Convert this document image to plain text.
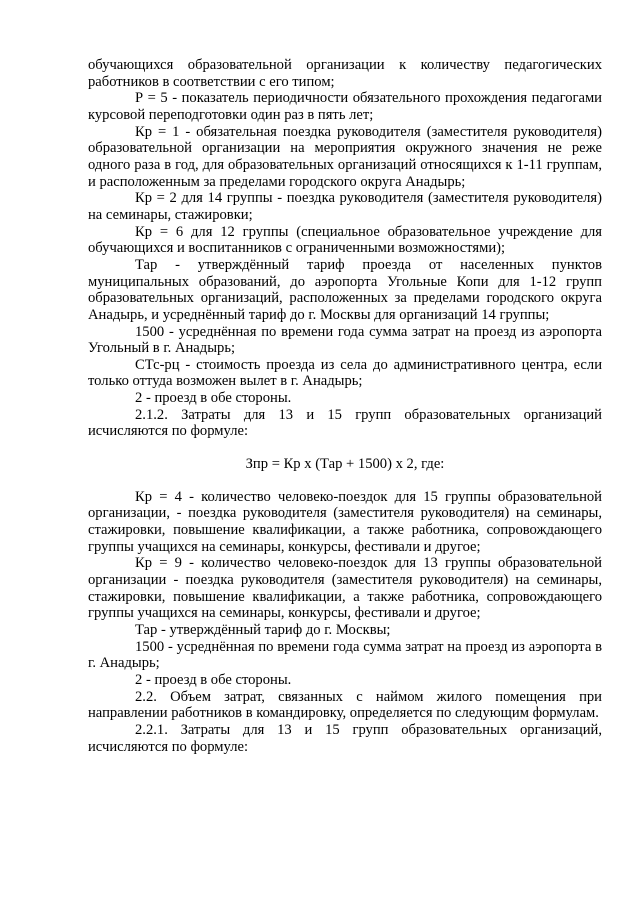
обучающихся образовательной организации к количеству педагогических работников в соответствии с его типом;

Р = 5 - показатель периодичности обязательного прохождения педагогами курсовой переподготовки один раз в пять лет;

Кр = 1 - обязательная поездка руководителя (заместителя руководителя) образовательной организации на мероприятия окружного значения не реже одного раза в год, для образовательных организаций относящихся к 1-11 группам, и расположенным за пределами городского округа Анадырь;

Кр = 2 для 14 группы - поездка руководителя (заместителя руководителя) на семинары, стажировки;

Кр = 6 для 12 группы (специальное образовательное учреждение для обучающихся и воспитанников с ограниченными возможностями);

Тар - утверждённый тариф проезда от населенных пунктов муниципальных образований, до аэропорта Угольные Копи для 1-12 групп образовательных организаций, расположенных за пределами городского округа Анадырь, и усреднённый тариф до г. Москвы для организаций 14 группы;

1500 - усреднённая по времени года сумма затрат на проезд из аэропорта Угольный в г. Анадырь;

СТс-рц - стоимость проезда из села до административного центра, если только оттуда возможен вылет в г. Анадырь;

2 - проезд в обе стороны.

2.1.2. Затраты для 13 и 15 групп образовательных организаций исчисляются по формуле:

Зпр = Кр х (Тар + 1500) х 2, где:

Кр = 4 - количество человеко-поездок для 15 группы образовательной организации, - поездка руководителя (заместителя руководителя) на семинары, стажировки, повышение квалификации, а также работника, сопровождающего группы учащихся на семинары, конкурсы, фестивали и другое;

Кр = 9 - количество человеко-поездок для 13 группы образовательной организации - поездка руководителя (заместителя руководителя) на семинары, стажировки, повышение квалификации, а также работника, сопровождающего группы учащихся на семинары, конкурсы, фестивали и другое;

Тар - утверждённый тариф до г. Москвы;

1500 - усреднённая по времени года сумма затрат на проезд из аэропорта в г. Анадырь;

2 - проезд в обе стороны.

2.2. Объем затрат, связанных с наймом жилого помещения при направлении работников в командировку, определяется по следующим формулам.

2.2.1. Затраты для 13 и 15 групп образовательных организаций, исчисляются по формуле:
